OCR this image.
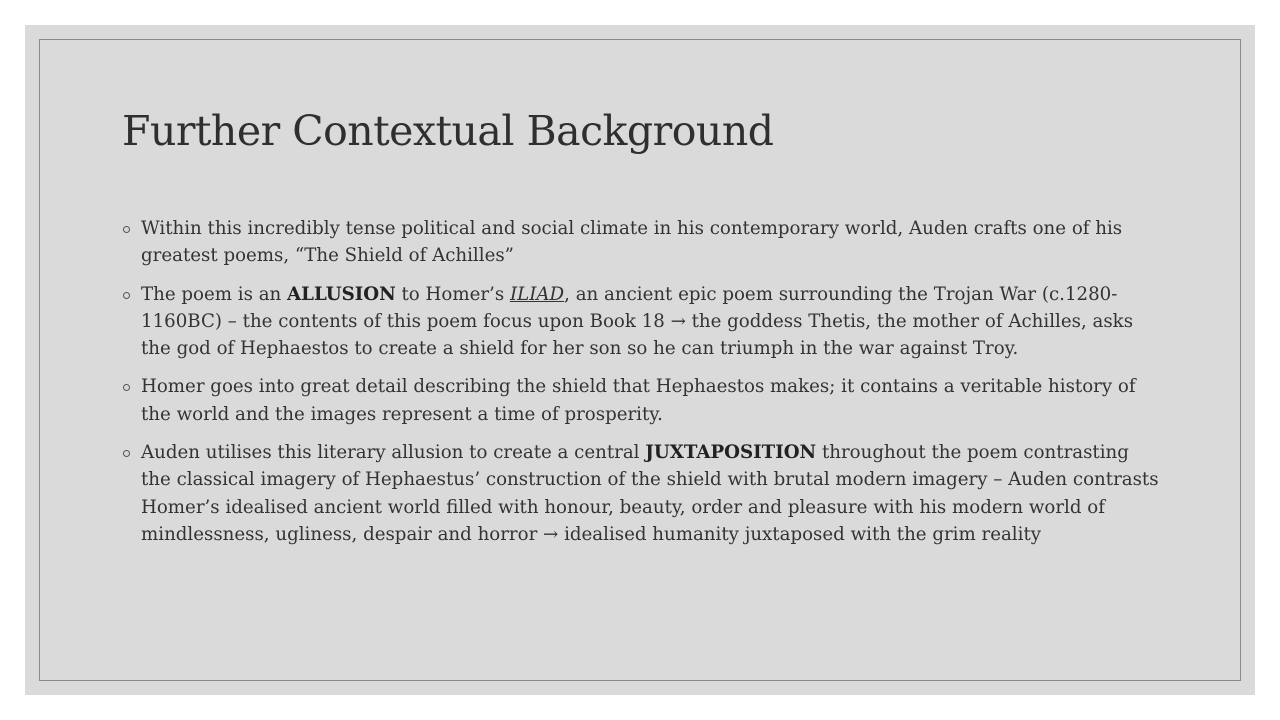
Further Contextual Background
Within this incredibly tense political and social climate in his contemporary world, Auden crafts one of his greatest poems, “The Shield of Achilles”
The poem is an ALLUSION to Homer’s ILIAD, an ancient epic poem surrounding the Trojan War (c.1280-1160BC) – the contents of this poem focus upon Book 18 → the goddess Thetis, the mother of Achilles, asks the god of Hephaestos to create a shield for her son so he can triumph in the war against Troy.
Homer goes into great detail describing the shield that Hephaestos makes; it contains a veritable history of the world and the images represent a time of prosperity.
Auden utilises this literary allusion to create a central JUXTAPOSITION throughout the poem contrasting the classical imagery of Hephaestus’ construction of the shield with brutal modern imagery – Auden contrasts Homer’s idealised ancient world filled with honour, beauty, order and pleasure with his modern world of mindlessness, ugliness, despair and horror → idealised humanity juxtaposed with the grim reality
